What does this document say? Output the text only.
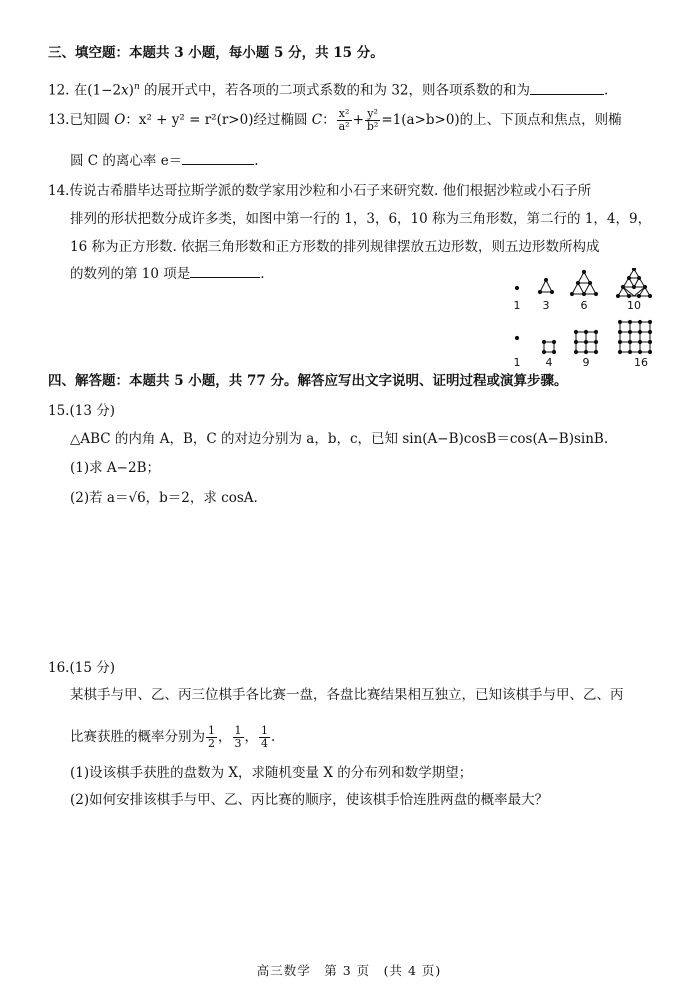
三、填空题：本题共 3 小题，每小题 5 分，共 15 分。
12. 在$(1-2x)^n$ 的展开式中，若各项的二项式系数的和为 32，则各项系数的和为	.
13.已知圆 O：x² + y² = r²(r>0)经过椭圆 C： $\frac{\text{x²}}{\text{a²}} + \frac{\text{y²}}{\text{b²}} =1(a>b>0)$的上、下顶点和焦点，则椭
圆 C 的离心率 e＝	.
14.传说古希腊毕达哥拉斯学派的数学家用沙粒和小石子来研究数. 他们根据沙粒或小石子所
排列的形状把数分成许多类，如图中第一行的 1，3，6，10 称为三角形数，第二行的 1，4，9，
16 称为正方形数. 依据三角形数和正方形数的排列规律摆放五边形数，则五边形数所构成
的数列的第 10 项是	.
1	3	6	10
1	4	9	16
四、解答题：本题共 5 小题，共 77 分。解答应写出文字说明、证明过程或演算步骤。
15.(13 分)
△ABC 的内角 A，B，C 的对边分别为 a，b，c，已知 sin(A−B)cosB＝cos(A−B)sinB.
(1)求 A−2B；
(2)若 a＝√6，b＝2，求 cosA.
16.(15 分)
某棋手与甲、乙、丙三位棋手各比赛一盘，各盘比赛结果相互独立，已知该棋手与甲、乙、丙
比赛获胜的概率分别为 $\frac{1}{2}$ ， $\frac{1}{3}$ ， $\frac{1}{4}$ .
(1)设该棋手获胜的盘数为 X，求随机变量 X 的分布列和数学期望；
(2)如何安排该棋手与甲、乙、丙比赛的顺序，使该棋手恰连胜两盘的概率最大？
高三数学　第 3 页　(共 4 页)
